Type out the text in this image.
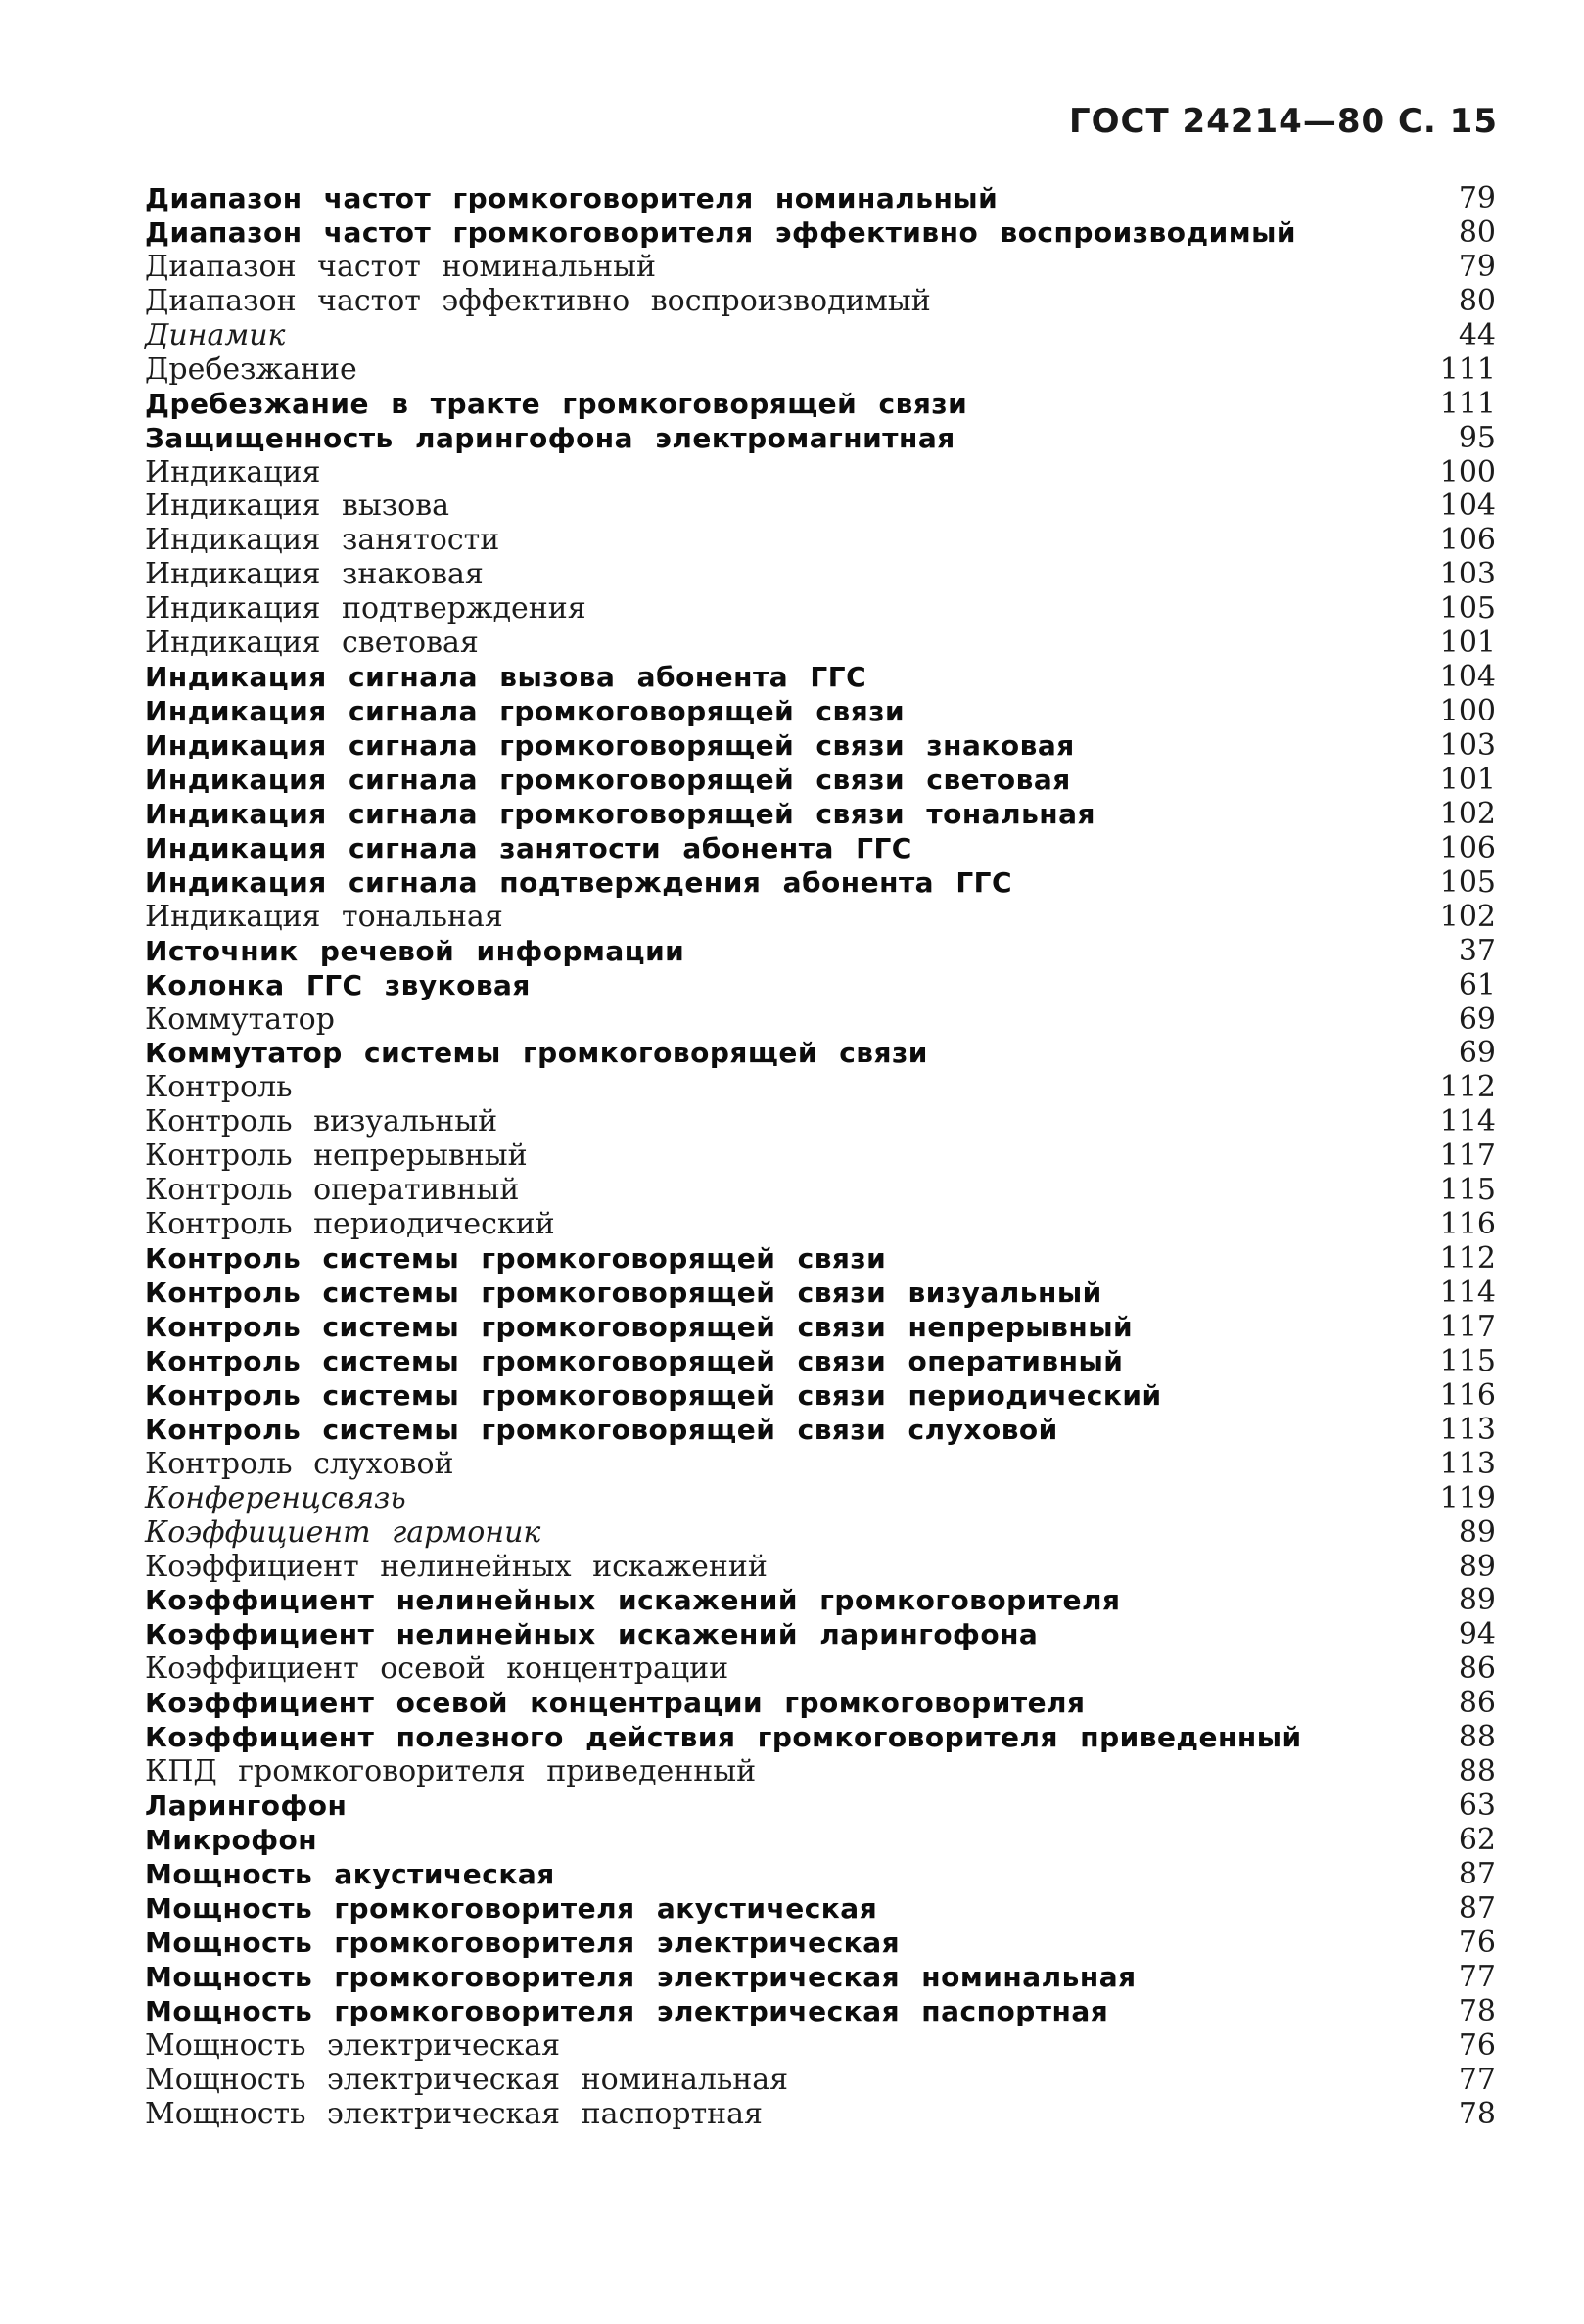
ГОСТ 24214—80 С. 15
Диапазон частот громкоговорителя номинальный	79
Диапазон частот громкоговорителя эффективно воспроизводимый	80
Диапазон частот номинальный	79
Диапазон частот эффективно воспроизводимый	80
Динамик	44
Дребезжание	111
Дребезжание в тракте громкоговорящей связи	111
Защищенность ларингофона электромагнитная	95
Индикация	100
Индикация вызова	104
Индикация занятости	106
Индикация знаковая	103
Индикация подтверждения	105
Индикация световая	101
Индикация сигнала вызова абонента ГГС	104
Индикация сигнала громкоговорящей связи	100
Индикация сигнала громкоговорящей связи знаковая	103
Индикация сигнала громкоговорящей связи световая	101
Индикация сигнала громкоговорящей связи тональная	102
Индикация сигнала занятости абонента ГГС	106
Индикация сигнала подтверждения абонента ГГС	105
Индикация тональная	102
Источник речевой информации	37
Колонка ГГС звуковая	61
Коммутатор	69
Коммутатор системы громкоговорящей связи	69
Контроль	112
Контроль визуальный	114
Контроль непрерывный	117
Контроль оперативный	115
Контроль периодический	116
Контроль системы громкоговорящей связи	112
Контроль системы громкоговорящей связи визуальный	114
Контроль системы громкоговорящей связи непрерывный	117
Контроль системы громкоговорящей связи оперативный	115
Контроль системы громкоговорящей связи периодический	116
Контроль системы громкоговорящей связи слуховой	113
Контроль слуховой	113
Конференцсвязь	119
Коэффициент гармоник	89
Коэффициент нелинейных искажений	89
Коэффициент нелинейных искажений громкоговорителя	89
Коэффициент нелинейных искажений ларингофона	94
Коэффициент осевой концентрации	86
Коэффициент осевой концентрации громкоговорителя	86
Коэффициент полезного действия громкоговорителя приведенный	88
КПД громкоговорителя приведенный	88
Ларингофон	63
Микрофон	62
Мощность акустическая	87
Мощность громкоговорителя акустическая	87
Мощность громкоговорителя электрическая	76
Мощность громкоговорителя электрическая номинальная	77
Мощность громкоговорителя электрическая паспортная	78
Мощность электрическая	76
Мощность электрическая номинальная	77
Мощность электрическая паспортная	78
